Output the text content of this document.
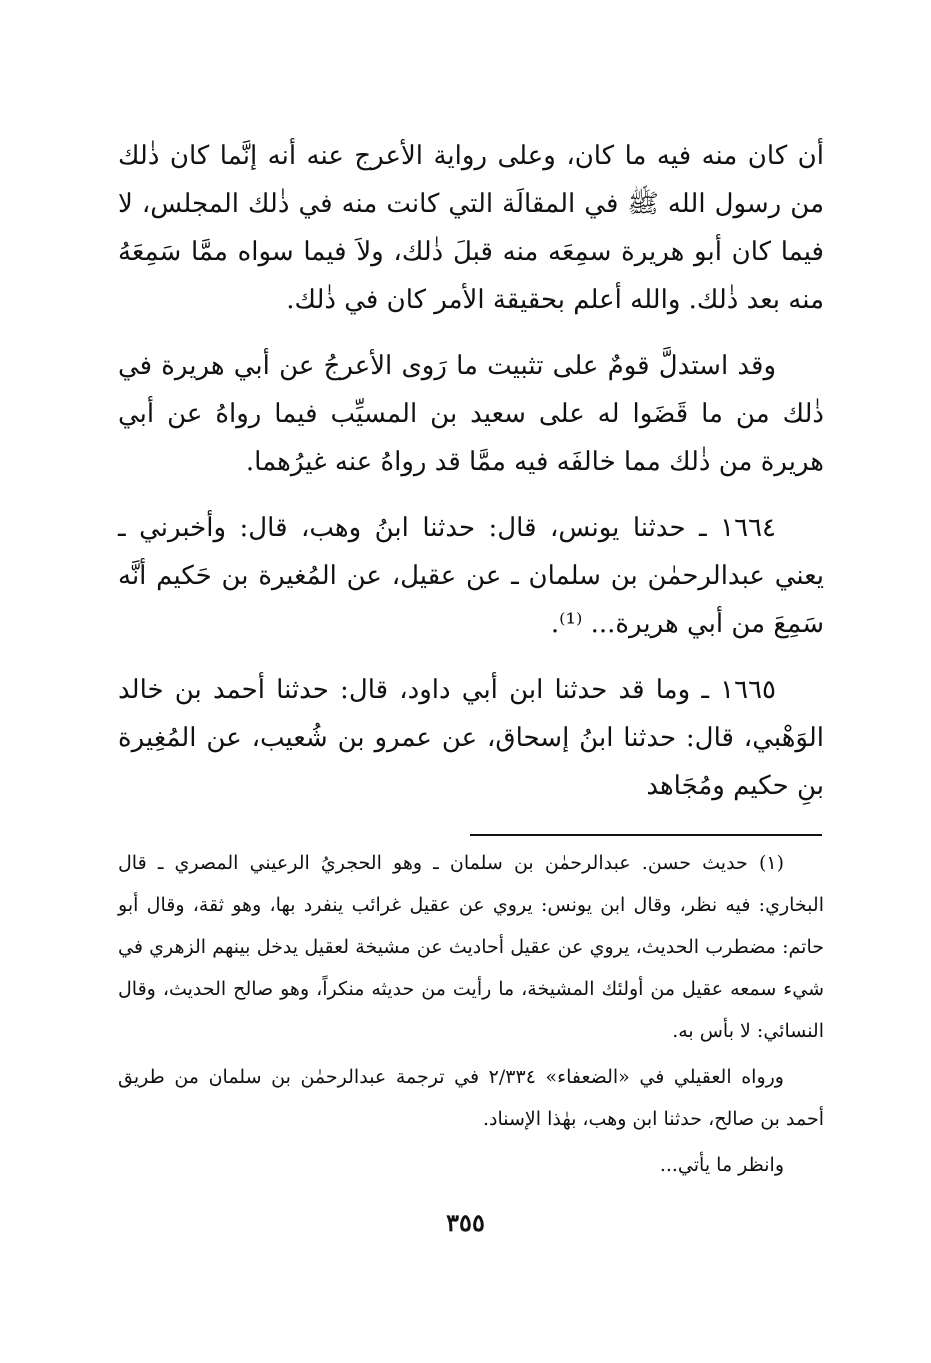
أن كان منه فيه ما كان، وعلى رواية الأعرج عنه أنه إنَّما كان ذٰلك من رسول الله ﷺ في المقالَة التي كانت منه في ذٰلك المجلس، لا فيما كان أبو هريرة سمِعَه منه قبلَ ذٰلك، ولاَ فيما سواه ممَّا سَمِعَهُ منه بعد ذٰلك. والله أعلم بحقيقة الأمر كان في ذٰلك.

وقد استدلَّ قومٌ على تثبيت ما رَوى الأعرجُ عن أبي هريرة في ذٰلك من ما قَضَوا له على سعيد بن المسيِّب فيما رواهُ عن أبي هريرة من ذٰلك مما خالفَه فيه ممَّا قد رواهُ عنه غيرُهما.

١٦٦٤ ـ حدثنا يونس، قال: حدثنا ابنُ وهب، قال: وأخبرني ـ يعني عبدالرحمٰن بن سلمان ـ عن عقيل، عن المُغيرة بن حَكيم أنَّه سَمِعَ من أبي هريرة... ⁽¹⁾.

١٦٦٥ ـ وما قد حدثنا ابن أبي داود، قال: حدثنا أحمد بن خالد الوَهْبي، قال: حدثنا ابنُ إسحاق، عن عمرو بن شُعيب، عن المُغِيرة بنِ حكيم ومُجَاهد

(١) حديث حسن. عبدالرحمٰن بن سلمان ـ وهو الحجريُ الرعيني المصري ـ قال البخاري: فيه نظر، وقال ابن يونس: يروي عن عقيل غرائب ينفرد بها، وهو ثقة، وقال أبو حاتم: مضطرب الحديث، يروي عن عقيل أحاديث عن مشيخة لعقيل يدخل بينهم الزهري في شيء سمعه عقيل من أولئك المشيخة، ما رأيت من حديثه منكراً، وهو صالح الحديث، وقال النسائي: لا بأس به.

ورواه العقيلي في «الضعفاء» ٢/٣٣٤ في ترجمة عبدالرحمٰن بن سلمان من طريق أحمد بن صالح، حدثنا ابن وهب، بهٰذا الإسناد.

وانظر ما يأتي...

٣٥٥
